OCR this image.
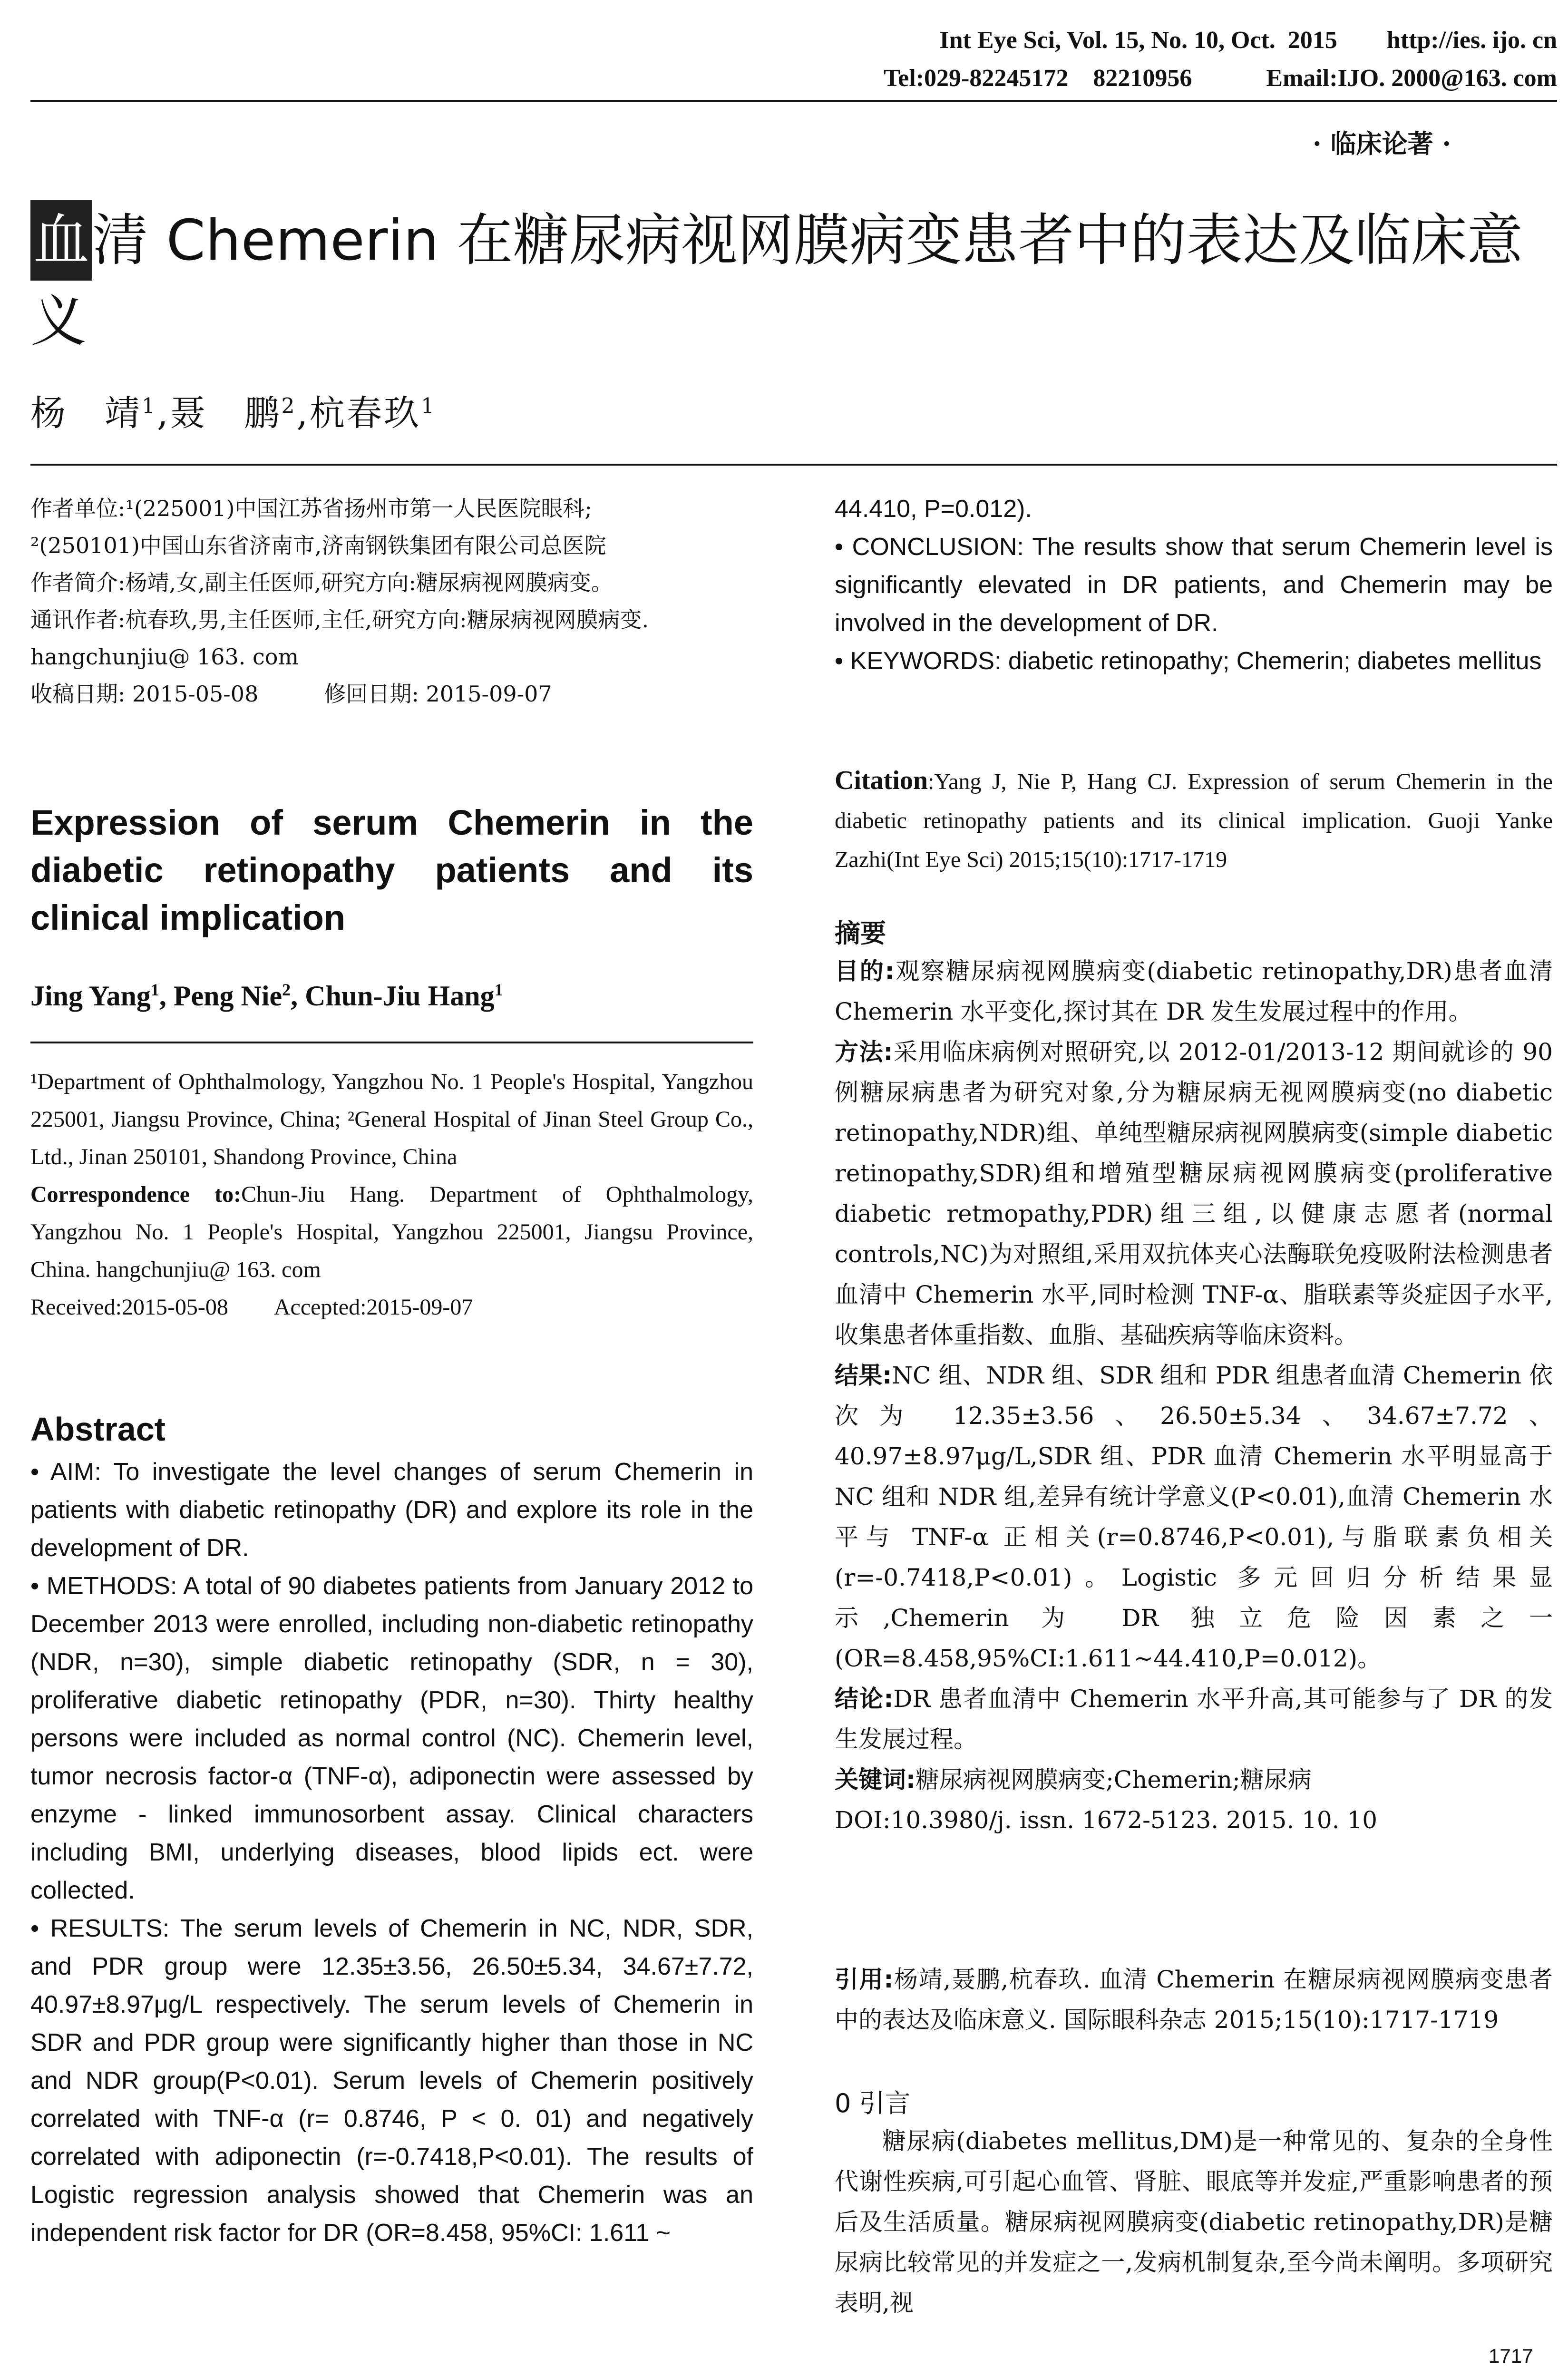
Int Eye Sci, Vol. 15, No. 10, Oct.  2015        http://ies. ijo. cn
Tel:029-82245172    82210956            Email:IJO. 2000@163. com
· 临床论著 ·
血清 Chemerin 在糖尿病视网膜病变患者中的表达及临床意义
杨　靖$^1$,聂　鹏$^2$,杭春玖$^1$

作者单位:¹(225001)中国江苏省扬州市第一人民医院眼科;

²(250101)中国山东省济南市,济南钢铁集团有限公司总医院

作者简介:杨靖,女,副主任医师,研究方向:糖尿病视网膜病变。

通讯作者:杭春玖,男,主任医师,主任,研究方向:糖尿病视网膜病变. hangchunjiu@ 163. com

收稿日期: 2015-05-08　　　修回日期: 2015-09-07

Expression of serum Chemerin in the diabetic retinopathy patients and its clinical implication
Jing Yang$^1$, Peng Nie$^2$, Chun-Jiu Hang$^1$

¹Department of Ophthalmology, Yangzhou No. 1 People's Hospital, Yangzhou 225001, Jiangsu Province, China; ²General Hospital of Jinan Steel Group Co., Ltd., Jinan 250101, Shandong Province, China

Correspondence to:Chun-Jiu Hang. Department of Ophthalmology, Yangzhou No. 1 People's Hospital, Yangzhou 225001, Jiangsu Province, China. hangchunjiu@ 163. com

Received:2015-05-08　　Accepted:2015-09-07

Abstract

• AIM: To investigate the level changes of serum Chemerin in patients with diabetic retinopathy (DR) and explore its role in the development of DR.

• METHODS: A total of 90 diabetes patients from January 2012 to December 2013 were enrolled, including non-diabetic retinopathy (NDR, n=30), simple diabetic retinopathy (SDR, n = 30), proliferative diabetic retinopathy (PDR, n=30). Thirty healthy persons were included as normal control (NC). Chemerin level, tumor necrosis factor-α (TNF-α), adiponectin were assessed by enzyme - linked immunosorbent assay. Clinical characters including BMI, underlying diseases, blood lipids ect. were collected.

• RESULTS: The serum levels of Chemerin in NC, NDR, SDR, and PDR group were 12.35±3.56, 26.50±5.34, 34.67±7.72, 40.97±8.97μg/L respectively. The serum levels of Chemerin in SDR and PDR group were significantly higher than those in NC and NDR group(P<0.01). Serum levels of Chemerin positively correlated with TNF-α (r= 0.8746, P < 0. 01) and negatively correlated with adiponectin (r=-0.7418,P<0.01). The results of Logistic regression analysis showed that Chemerin was an independent risk factor for DR (OR=8.458, 95%CI: 1.611 ~

44.410, P=0.012).

• CONCLUSION: The results show that serum Chemerin level is significantly elevated in DR patients, and Chemerin may be involved in the development of DR.

• KEYWORDS: diabetic retinopathy; Chemerin; diabetes mellitus

Citation:Yang J, Nie P, Hang CJ. Expression of serum Chemerin in the diabetic retinopathy patients and its clinical implication. Guoji Yanke Zazhi(Int Eye Sci) 2015;15(10):1717-1719
摘要

目的:观察糖尿病视网膜病变(diabetic retinopathy,DR)患者血清 Chemerin 水平变化,探讨其在 DR 发生发展过程中的作用。

方法:采用临床病例对照研究,以 2012-01/2013-12 期间就诊的 90 例糖尿病患者为研究对象,分为糖尿病无视网膜病变(no diabetic retinopathy,NDR)组、单纯型糖尿病视网膜病变(simple diabetic retinopathy,SDR)组和增殖型糖尿病视网膜病变(proliferative diabetic retmopathy,PDR)组三组,以健康志愿者(normal controls,NC)为对照组,采用双抗体夹心法酶联免疫吸附法检测患者血清中 Chemerin 水平,同时检测 TNF-α、脂联素等炎症因子水平,收集患者体重指数、血脂、基础疾病等临床资料。

结果:NC 组、NDR 组、SDR 组和 PDR 组患者血清 Chemerin 依次为 12.35±3.56、26.50±5.34、34.67±7.72、40.97±8.97μg/L,SDR 组、PDR 血清 Chemerin 水平明显高于 NC 组和 NDR 组,差异有统计学意义(P<0.01),血清 Chemerin 水平与 TNF-α 正相关(r=0.8746,P<0.01),与脂联素负相关(r=-0.7418,P<0.01)。Logistic 多元回归分析结果显示,Chemerin 为 DR 独立危险因素之一(OR=8.458,95%CI:1.611~44.410,P=0.012)。

结论:DR 患者血清中 Chemerin 水平升高,其可能参与了 DR 的发生发展过程。

关键词:糖尿病视网膜病变;Chemerin;糖尿病

DOI:10.3980/j. issn. 1672-5123. 2015. 10. 10

引用:杨靖,聂鹏,杭春玖. 血清 Chemerin 在糖尿病视网膜病变患者中的表达及临床意义. 国际眼科杂志 2015;15(10):1717-1719
0 引言
糖尿病(diabetes mellitus,DM)是一种常见的、复杂的全身性代谢性疾病,可引起心血管、肾脏、眼底等并发症,严重影响患者的预后及生活质量。糖尿病视网膜病变(diabetic retinopathy,DR)是糖尿病比较常见的并发症之一,发病机制复杂,至今尚未阐明。多项研究表明,视
1717
